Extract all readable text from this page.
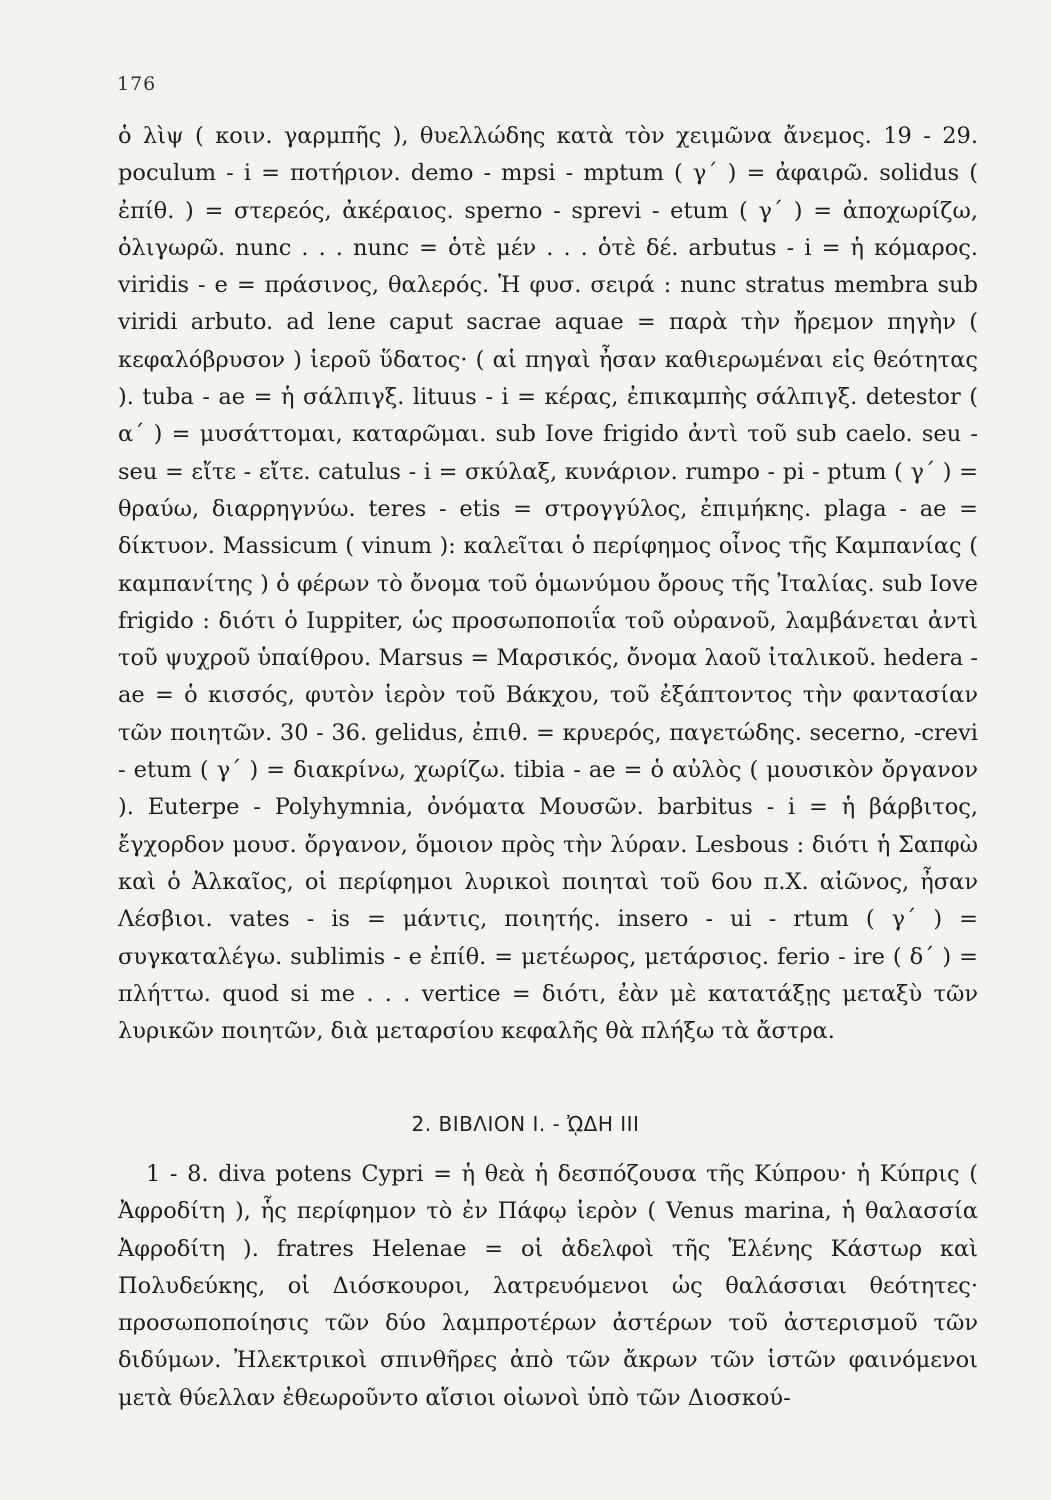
176

ὁ λὶψ ( κοιν. γαρμπῆς ), θυελλώδης κατὰ τὸν χειμῶνα ἄνεμος. 19 - 29. poculum - i = ποτήριον. demo - mpsi - mptum ( γ΄ ) = ἀφαιρῶ. solidus ( ἐπίθ. ) = στερεός, ἀκέραιος. sperno - sprevi - etum ( γ΄ ) = ἀποχωρίζω, ὀλιγωρῶ. nunc . . . nunc = ὁτὲ μέν . . . ὁτὲ δέ. arbutus - i = ἡ κόμαρος. viridis - e = πράσινος, θαλερός. Ἡ φυσ. σειρά : nunc stratus membra sub viridi arbuto. ad lene caput sacrae aquae = παρὰ τὴν ἤρεμον πηγὴν ( κεφαλόβρυσον ) ἱεροῦ ὕδατος· ( αἱ πηγαὶ ἦσαν καθιερωμέναι εἰς θεότητας ). tuba - ae = ἡ σάλπιγξ. lituus - i = κέρας, ἐπικαμπὴς σάλπιγξ. detestor ( α΄ ) = μυσάττομαι, καταρῶμαι. sub Iove frigido ἀντὶ τοῦ sub caelo. seu - seu = εἴτε - εἴτε. catulus - i = σκύλαξ, κυνάριον. rumpo - pi - ptum ( γ΄ ) = θραύω, διαρρηγνύω. teres - etis = στρογγύλος, ἐπιμήκης. plaga - ae = δίκτυον. Massicum ( vinum ): καλεῖται ὁ περίφημος οἶνος τῆς Καμπανίας ( καμπανίτης ) ὁ φέρων τὸ ὄνομα τοῦ ὁμωνύμου ὄρους τῆς Ἰταλίας. sub Iove frigido : διότι ὁ Iuppiter, ὡς προσωποποιΐα τοῦ οὐρανοῦ, λαμβάνεται ἀντὶ τοῦ ψυχροῦ ὑπαίθρου. Marsus = Μαρσικός, ὄνομα λαοῦ ἰταλικοῦ. hedera - ae = ὁ κισσός, φυτὸν ἱερὸν τοῦ Βάκχου, τοῦ ἐξάπτοντος τὴν φαντασίαν τῶν ποιητῶν. 30 - 36. gelidus, ἐπιθ. = κρυερός, παγετώδης. secerno, -crevi - etum ( γ΄ ) = διακρίνω, χωρίζω. tibia - ae = ὁ αὐλὸς ( μουσικὸν ὄργανον ). Euterpe - Polyhymnia, ὀνόματα Μουσῶν. barbitus - i = ἡ βάρβιτος, ἔγχορδον μουσ. ὄργανον, ὅμοιον πρὸς τὴν λύραν. Lesbous : διότι ἡ Σαπφὼ καὶ ὁ Ἀλκαῖος, οἱ περίφημοι λυρικοὶ ποιηταὶ τοῦ 6ου π.Χ. αἰῶνος, ἦσαν Λέσβιοι. vates - is = μάντις, ποιητής. insero - ui - rtum ( γ΄ ) = συγκαταλέγω. sublimis - e ἐπίθ. = μετέωρος, μετάρσιος. ferio - ire ( δ΄ ) = πλήττω. quod si me . . . vertice = διότι, ἐὰν μὲ κατατάξῃς μεταξὺ τῶν λυρικῶν ποιητῶν, διὰ μεταρσίου κεφαλῆς θὰ πλήξω τὰ ἄστρα.

2. ΒΙΒΛΙΟΝ Ι. - ᾨΔΗ ΙΙΙ

1 - 8. diva potens Cypri = ἡ θεὰ ἡ δεσπόζουσα τῆς Κύπρου· ἡ Κύπρις ( Ἀφροδίτη ), ἧς περίφημον τὸ ἐν Πάφῳ ἱερὸν ( Venus marina, ἡ θαλασσία Ἀφροδίτη ). fratres Helenae = οἱ ἀδελφοὶ τῆς Ἑλένης Κάστωρ καὶ Πολυδεύκης, οἱ Διόσκουροι, λατρευόμενοι ὡς θαλάσσιαι θεότητες· προσωποποίησις τῶν δύο λαμπροτέρων ἀστέρων τοῦ ἀστερισμοῦ τῶν διδύμων. Ἠλεκτρικοὶ σπινθῆρες ἀπὸ τῶν ἄκρων τῶν ἱστῶν φαινόμενοι μετὰ θύελλαν ἐθεωροῦντο αἴσιοι οἰωνοὶ ὑπὸ τῶν Διοσκού-
